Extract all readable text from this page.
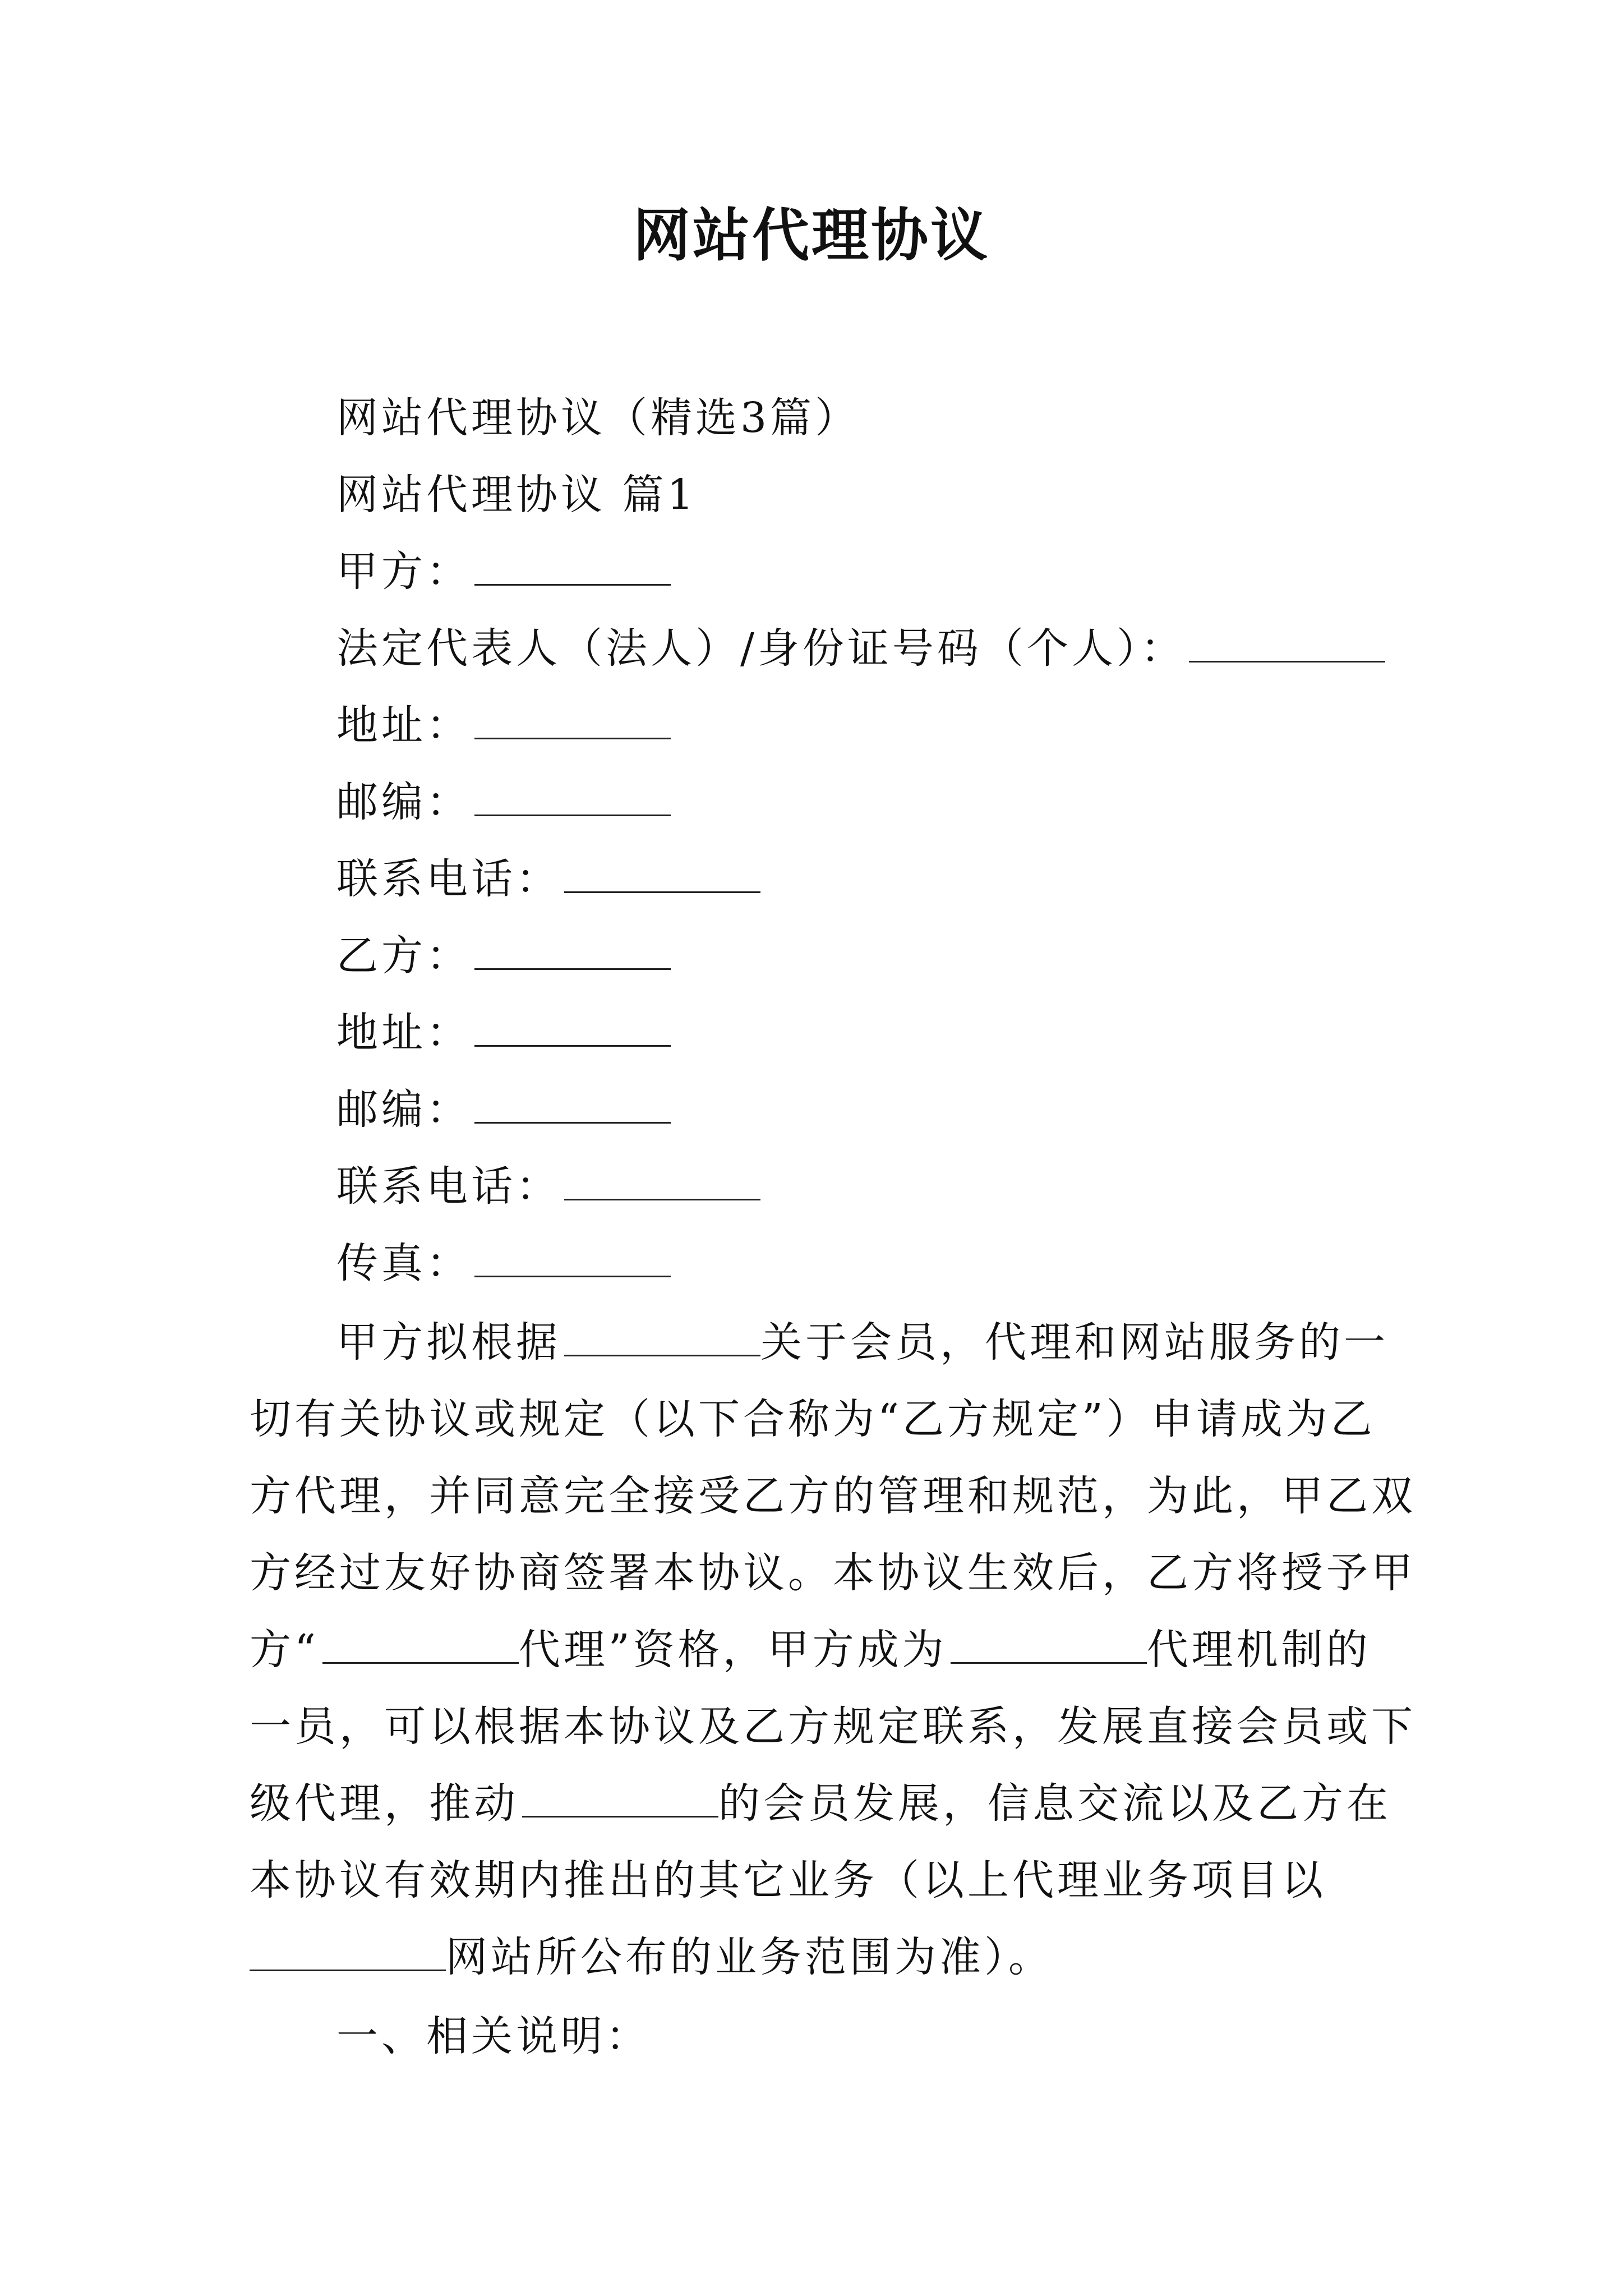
网站代理协议
网站代理协议（精选3篇）
网站代理协议 篇1
甲方：
法定代表人（法人）/身份证号码（个人）：
地址：
邮编：
联系电话：
乙方：
地址：
邮编：
联系电话：
传真：
甲方拟根据	关于会员，代理和网站服务的一
切有关协议或规定（以下合称为“乙方规定”）申请成为乙
方代理，并同意完全接受乙方的管理和规范，为此，甲乙双
方经过友好协商签署本协议。本协议生效后，乙方将授予甲
方“	代理”资格，甲方成为	代理机制的
一员，可以根据本协议及乙方规定联系，发展直接会员或下
级代理，推动	的会员发展，信息交流以及乙方在
本协议有效期内推出的其它业务（以上代理业务项目以
网站所公布的业务范围为准）。
一、相关说明：
